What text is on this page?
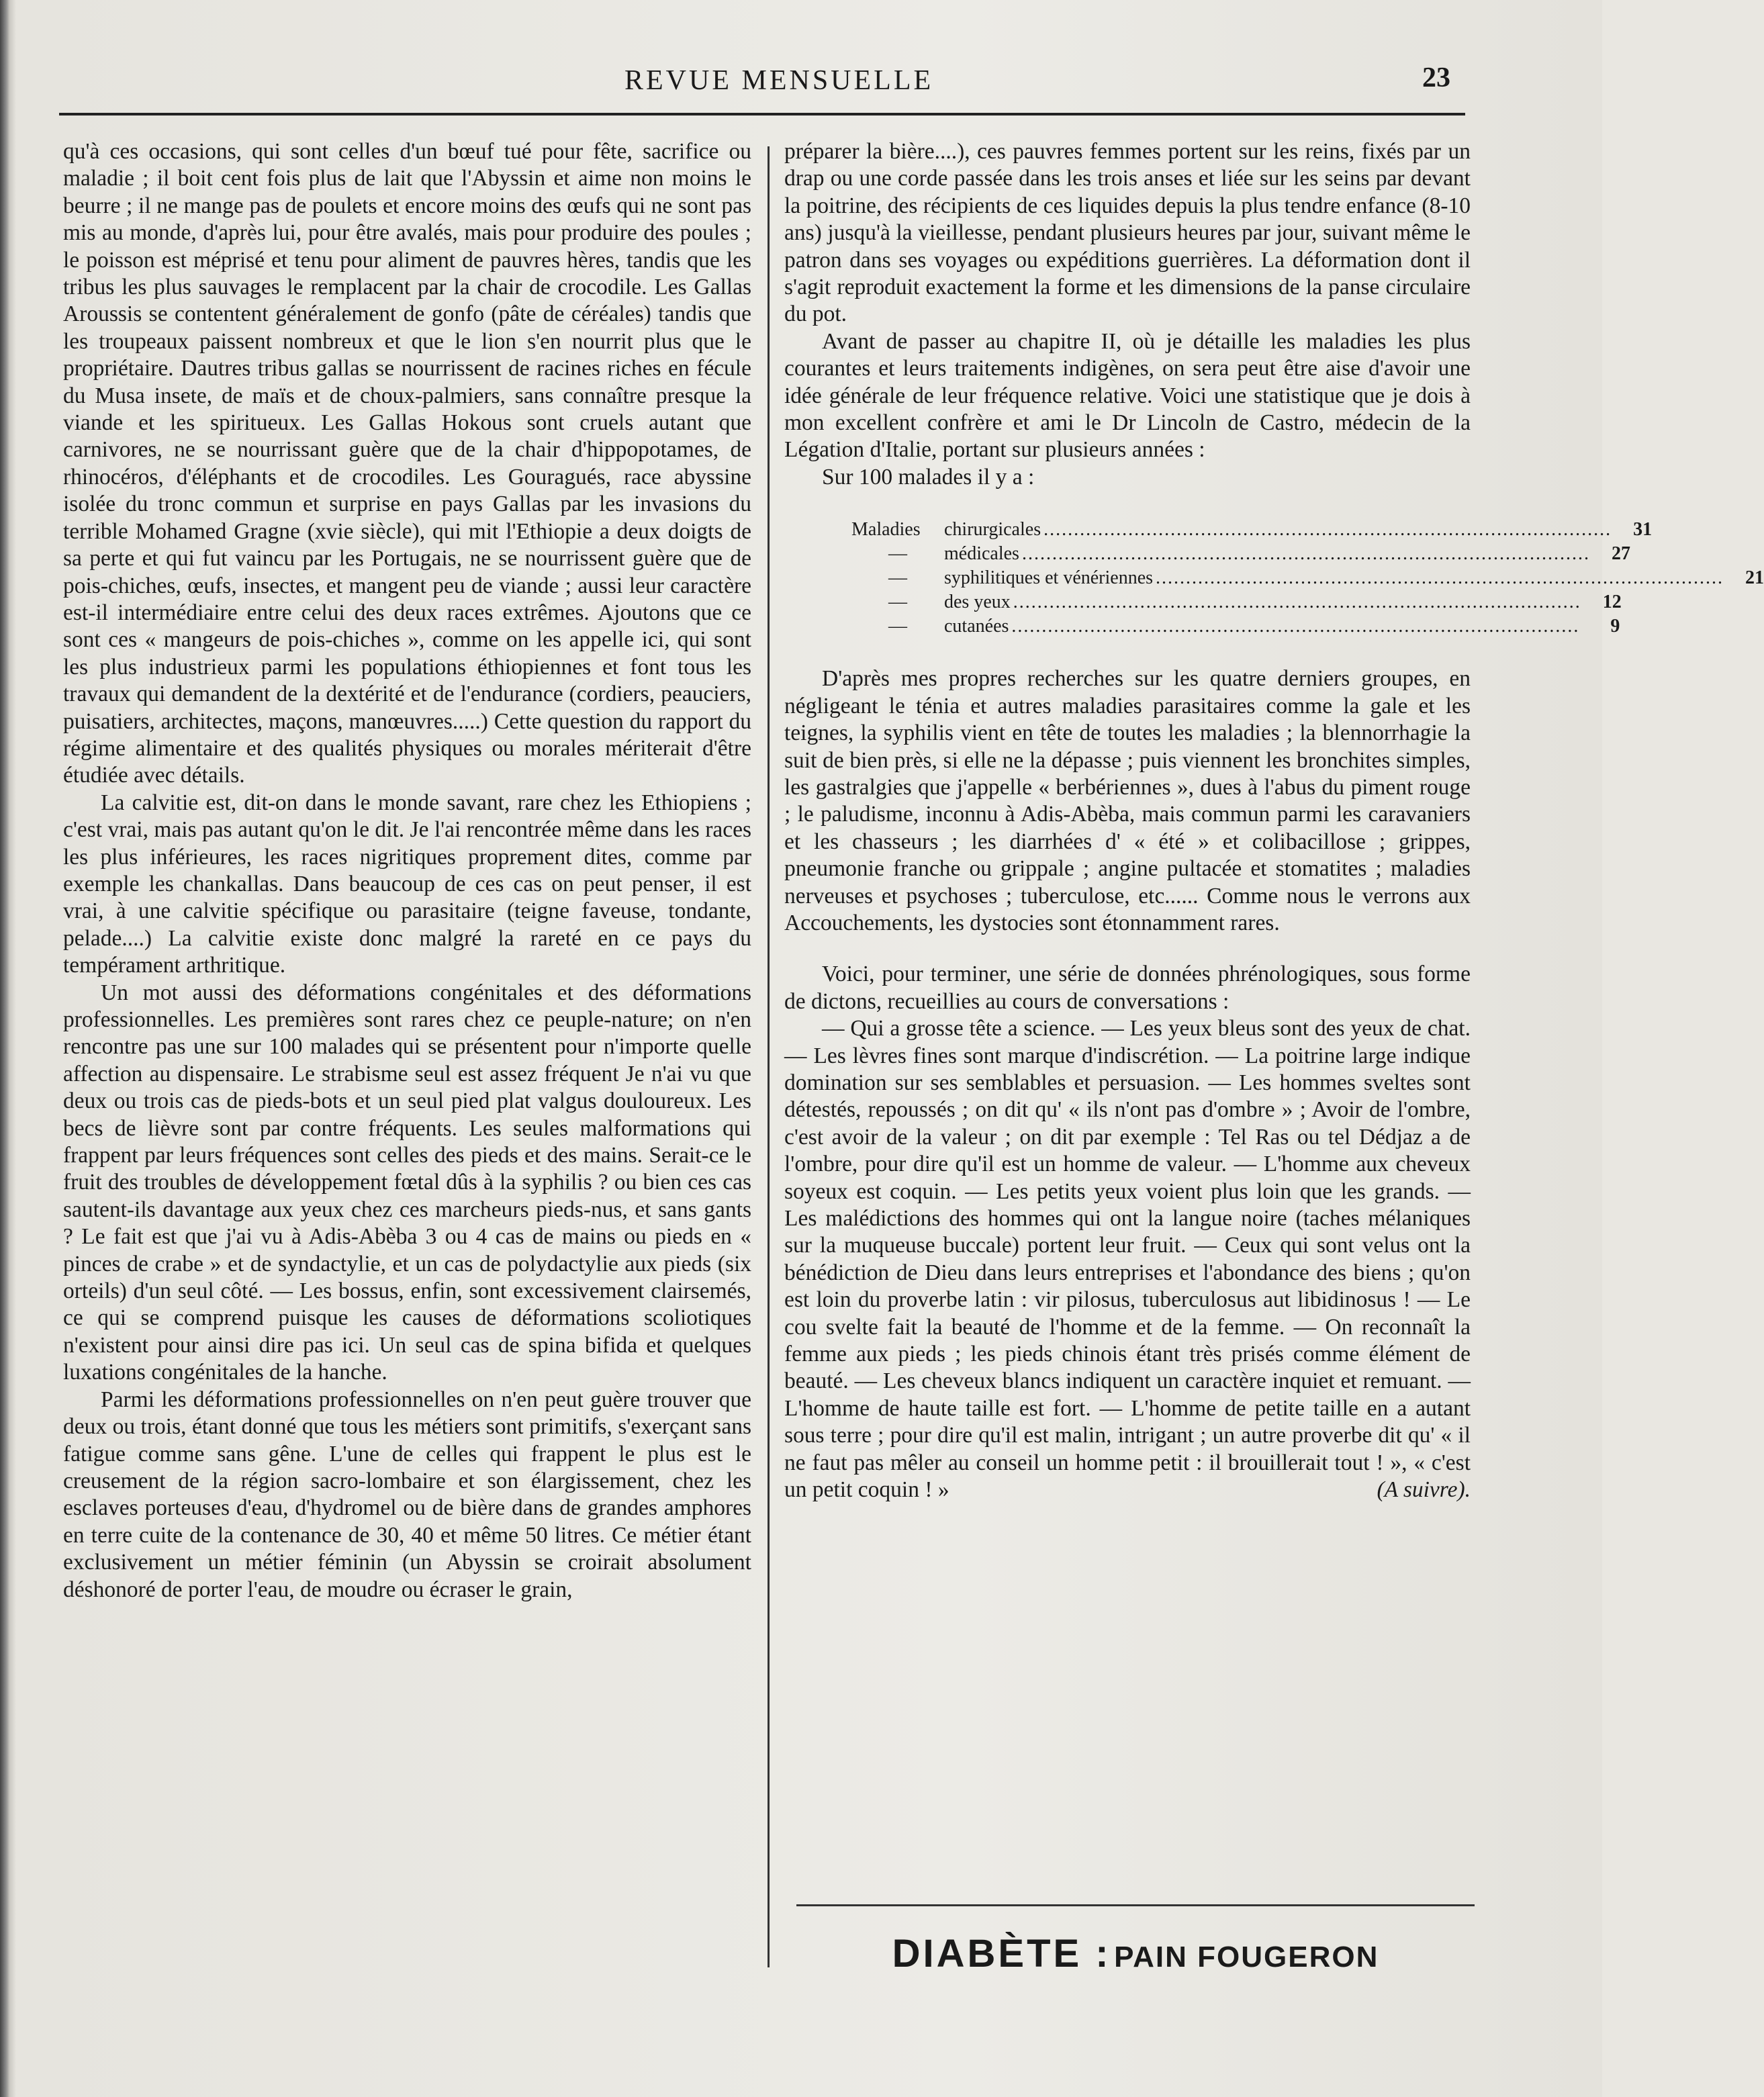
REVUE MENSUELLE	23

qu'à ces occasions, qui sont celles d'un bœuf tué pour fête, sacrifice ou maladie ; il boit cent fois plus de lait que l'Abyssin et aime non moins le beurre ; il ne mange pas de poulets et encore moins des œufs qui ne sont pas mis au monde, d'après lui, pour être avalés, mais pour produire des poules ; le poisson est méprisé et tenu pour aliment de pauvres hères, tandis que les tribus les plus sauvages le remplacent par la chair de crocodile. Les Gallas Aroussis se contentent généralement de gonfo (pâte de céréales) tandis que les troupeaux paissent nombreux et que le lion s'en nourrit plus que le propriétaire. Dautres tribus gallas se nourrissent de racines riches en fécule du Musa insete, de maïs et de choux-palmiers, sans connaître presque la viande et les spiritueux. Les Gallas Hokous sont cruels autant que carnivores, ne se nourrissant guère que de la chair d'hippopotames, de rhinocéros, d'éléphants et de crocodiles. Les Gouragués, race abyssine isolée du tronc commun et surprise en pays Gallas par les invasions du terrible Mohamed Gragne (xvie siècle), qui mit l'Ethiopie a deux doigts de sa perte et qui fut vaincu par les Portugais, ne se nourrissent guère que de pois-chiches, œufs, insectes, et mangent peu de viande ; aussi leur caractère est-il intermédiaire entre celui des deux races extrêmes. Ajoutons que ce sont ces « mangeurs de pois-chiches », comme on les appelle ici, qui sont les plus industrieux parmi les populations éthiopiennes et font tous les travaux qui demandent de la dextérité et de l'endurance (cordiers, peauciers, puisatiers, architectes, maçons, manœuvres.....) Cette question du rapport du régime alimentaire et des qualités physiques ou morales mériterait d'être étudiée avec détails.

La calvitie est, dit-on dans le monde savant, rare chez les Ethiopiens ; c'est vrai, mais pas autant qu'on le dit. Je l'ai rencontrée même dans les races les plus inférieures, les races nigritiques proprement dites, comme par exemple les chankallas. Dans beaucoup de ces cas on peut penser, il est vrai, à une calvitie spécifique ou parasitaire (teigne faveuse, tondante, pelade....) La calvitie existe donc malgré la rareté en ce pays du tempérament arthritique.

Un mot aussi des déformations congénitales et des déformations professionnelles. Les premières sont rares chez ce peuple-nature; on n'en rencontre pas une sur 100 malades qui se présentent pour n'importe quelle affection au dispensaire. Le strabisme seul est assez fréquent Je n'ai vu que deux ou trois cas de pieds-bots et un seul pied plat valgus douloureux. Les becs de lièvre sont par contre fréquents. Les seules malformations qui frappent par leurs fréquences sont celles des pieds et des mains. Serait-ce le fruit des troubles de développement fœtal dûs à la syphilis ? ou bien ces cas sautent-ils davantage aux yeux chez ces marcheurs pieds-nus, et sans gants ? Le fait est que j'ai vu à Adis-Abèba 3 ou 4 cas de mains ou pieds en « pinces de crabe » et de syndactylie, et un cas de polydactylie aux pieds (six orteils) d'un seul côté. — Les bossus, enfin, sont excessivement clairsemés, ce qui se comprend puisque les causes de déformations scoliotiques n'existent pour ainsi dire pas ici. Un seul cas de spina bifida et quelques luxations congénitales de la hanche.

Parmi les déformations professionnelles on n'en peut guère trouver que deux ou trois, étant donné que tous les métiers sont primitifs, s'exerçant sans fatigue comme sans gêne. L'une de celles qui frappent le plus est le creusement de la région sacro-lombaire et son élargissement, chez les esclaves porteuses d'eau, d'hydromel ou de bière dans de grandes amphores en terre cuite de la contenance de 30, 40 et même 50 litres. Ce métier étant exclusivement un métier féminin (un Abyssin se croirait absolument déshonoré de porter l'eau, de moudre ou écraser le grain,

préparer la bière....), ces pauvres femmes portent sur les reins, fixés par un drap ou une corde passée dans les trois anses et liée sur les seins par devant la poitrine, des récipients de ces liquides depuis la plus tendre enfance (8-10 ans) jusqu'à la vieillesse, pendant plusieurs heures par jour, suivant même le patron dans ses voyages ou expéditions guerrières. La déformation dont il s'agit reproduit exactement la forme et les dimensions de la panse circulaire du pot.

Avant de passer au chapitre II, où je détaille les maladies les plus courantes et leurs traitements indigènes, on sera peut être aise d'avoir une idée générale de leur fréquence relative. Voici une statistique que je dois à mon excellent confrère et ami le Dr Lincoln de Castro, médecin de la Légation d'Italie, portant sur plusieurs années :

Sur 100 malades il y a :

Maladies	chirurgicales ..............................................................................................	31
—	médicales ..............................................................................................	27
—	syphilitiques et vénériennes ..............................................................................................	21
—	des yeux ..............................................................................................	12
—	cutanées ..............................................................................................	9

D'après mes propres recherches sur les quatre derniers groupes, en négligeant le ténia et autres maladies parasitaires comme la gale et les teignes, la syphilis vient en tête de toutes les maladies ; la blennorrhagie la suit de bien près, si elle ne la dépasse ; puis viennent les bronchites simples, les gastralgies que j'appelle « berbériennes », dues à l'abus du piment rouge ; le paludisme, inconnu à Adis-Abèba, mais commun parmi les caravaniers et les chasseurs ; les diarrhées d' « été » et colibacillose ; grippes, pneumonie franche ou grippale ; angine pultacée et stomatites ; maladies nerveuses et psychoses ; tuberculose, etc...... Comme nous le verrons aux Accouchements, les dystocies sont étonnamment rares.

Voici, pour terminer, une série de données phrénologiques, sous forme de dictons, recueillies au cours de conversations :

— Qui a grosse tête a science. — Les yeux bleus sont des yeux de chat. — Les lèvres fines sont marque d'indiscrétion. — La poitrine large indique domination sur ses semblables et persuasion. — Les hommes sveltes sont détestés, repoussés ; on dit qu' « ils n'ont pas d'ombre » ; Avoir de l'ombre, c'est avoir de la valeur ; on dit par exemple : Tel Ras ou tel Dédjaz a de l'ombre, pour dire qu'il est un homme de valeur. — L'homme aux cheveux soyeux est coquin. — Les petits yeux voient plus loin que les grands. — Les malédictions des hommes qui ont la langue noire (taches mélaniques sur la muqueuse buccale) portent leur fruit. — Ceux qui sont velus ont la bénédiction de Dieu dans leurs entreprises et l'abondance des biens ; qu'on est loin du proverbe latin : vir pilosus, tuberculosus aut libidinosus ! — Le cou svelte fait la beauté de l'homme et de la femme. — On reconnaît la femme aux pieds ; les pieds chinois étant très prisés comme élément de beauté. — Les cheveux blancs indiquent un caractère inquiet et remuant. — L'homme de haute taille est fort. — L'homme de petite taille en a autant sous terre ; pour dire qu'il est malin, intrigant ; un autre proverbe dit qu' « il ne faut pas mêler au conseil un homme petit : il brouillerait tout ! », « c'est un petit coquin ! »	(A suivre).

DIABÈTE : PAIN FOUGERON
